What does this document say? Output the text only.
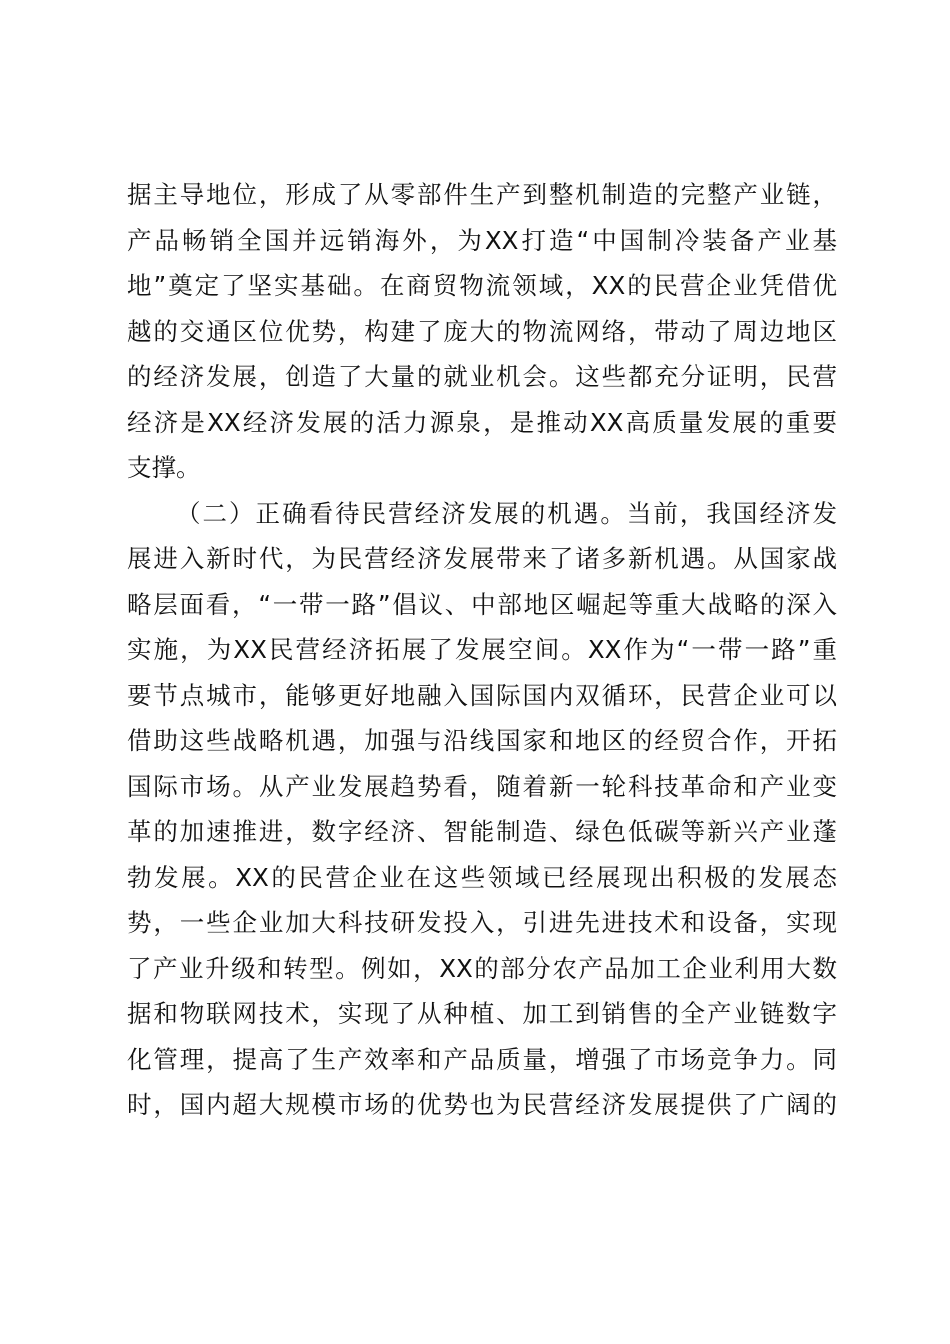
据主导地位，形成了从零部件生产到整机制造的完整产业链，
产品畅销全国并远销海外，为XX打造“中国制冷装备产业基
地”奠定了坚实基础。在商贸物流领域，XX的民营企业凭借优
越的交通区位优势，构建了庞大的物流网络，带动了周边地区
的经济发展，创造了大量的就业机会。这些都充分证明，民营
经济是XX经济发展的活力源泉，是推动XX高质量发展的重要
支撑。
（二）正确看待民营经济发展的机遇。当前，我国经济发
展进入新时代，为民营经济发展带来了诸多新机遇。从国家战
略层面看，“一带一路”倡议、中部地区崛起等重大战略的深入
实施，为XX民营经济拓展了发展空间。XX作为“一带一路”重
要节点城市，能够更好地融入国际国内双循环，民营企业可以
借助这些战略机遇，加强与沿线国家和地区的经贸合作，开拓
国际市场。从产业发展趋势看，随着新一轮科技革命和产业变
革的加速推进，数字经济、智能制造、绿色低碳等新兴产业蓬
勃发展。XX的民营企业在这些领域已经展现出积极的发展态
势，一些企业加大科技研发投入，引进先进技术和设备，实现
了产业升级和转型。例如，XX的部分农产品加工企业利用大数
据和物联网技术，实现了从种植、加工到销售的全产业链数字
化管理，提高了生产效率和产品质量，增强了市场竞争力。同
时，国内超大规模市场的优势也为民营经济发展提供了广阔的
